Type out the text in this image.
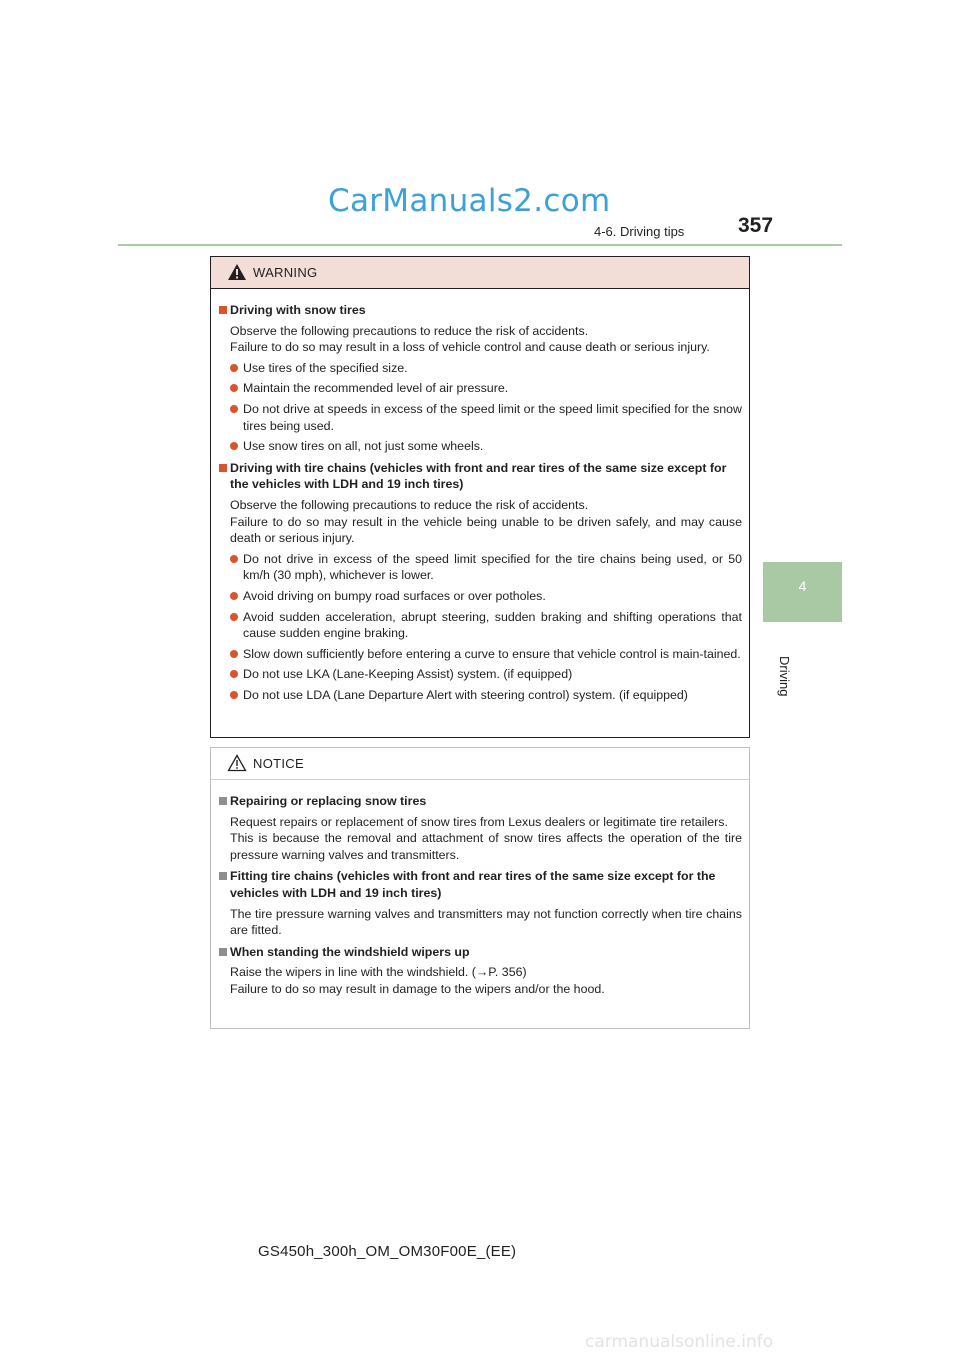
CarManuals2.com
357
4-6. Driving tips
4
Driving
WARNING
Driving with snow tires
Observe the following precautions to reduce the risk of accidents.
Failure to do so may result in a loss of vehicle control and cause death or serious injury.
Use tires of the specified size.
Maintain the recommended level of air pressure.
Do not drive at speeds in excess of the speed limit or the speed limit specified for the snow tires being used.
Use snow tires on all, not just some wheels.
Driving with tire chains (vehicles with front and rear tires of the same size except for the vehicles with LDH and 19 inch tires)
Observe the following precautions to reduce the risk of accidents.
Failure to do so may result in the vehicle being unable to be driven safely, and may cause death or serious injury.
Do not drive in excess of the speed limit specified for the tire chains being used, or 50 km/h (30 mph), whichever is lower.
Avoid driving on bumpy road surfaces or over potholes.
Avoid sudden acceleration, abrupt steering, sudden braking and shifting operations that cause sudden engine braking.
Slow down sufficiently before entering a curve to ensure that vehicle control is main-tained.
Do not use LKA (Lane-Keeping Assist) system. (if equipped)
Do not use LDA (Lane Departure Alert with steering control) system. (if equipped)
NOTICE
Repairing or replacing snow tires
Request repairs or replacement of snow tires from Lexus dealers or legitimate tire retailers.
This is because the removal and attachment of snow tires affects the operation of the tire pressure warning valves and transmitters.
Fitting tire chains (vehicles with front and rear tires of the same size except for the vehicles with LDH and 19 inch tires)
The tire pressure warning valves and transmitters may not function correctly when tire chains are fitted.
When standing the windshield wipers up
Raise the wipers in line with the windshield. (→P. 356)
Failure to do so may result in damage to the wipers and/or the hood.
GS450h_300h_OM_OM30F00E_(EE)
carmanualsonline.info
